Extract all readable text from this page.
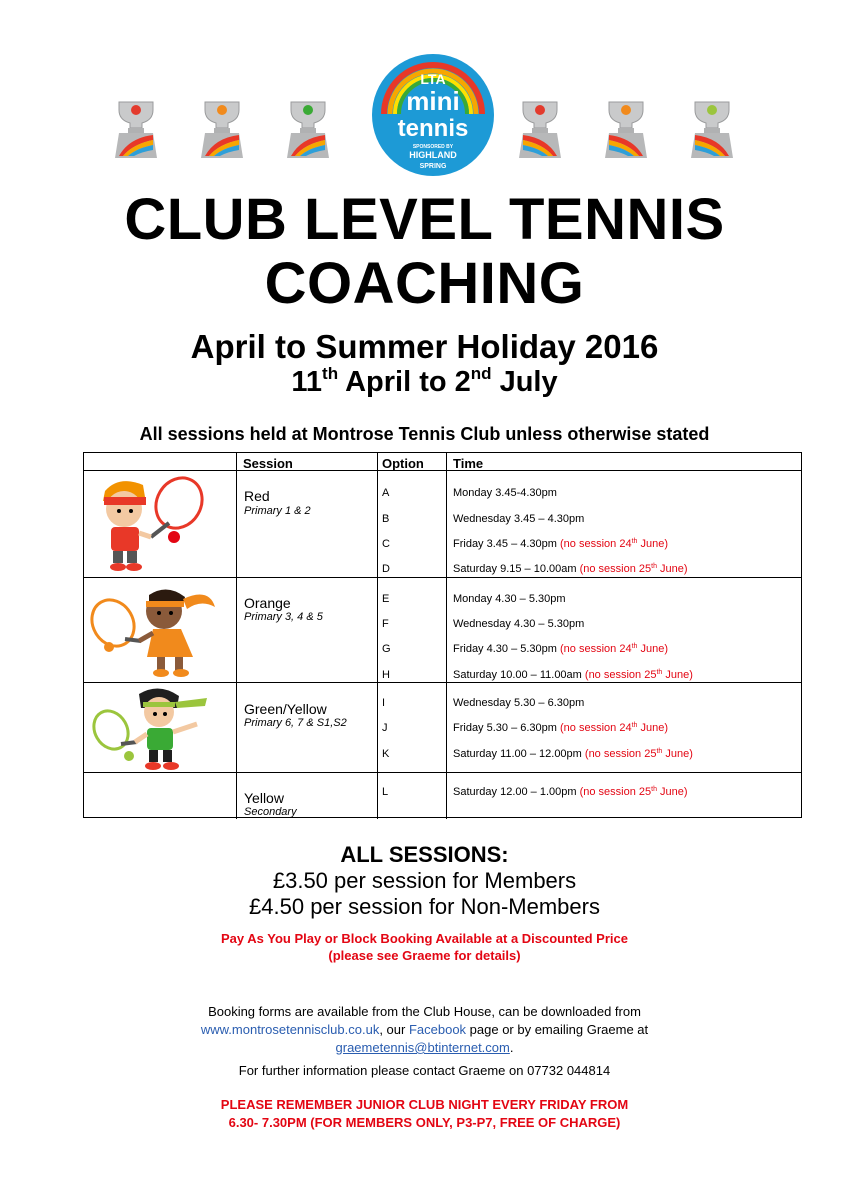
LTA
mini
tennis
SPONSORED BY
HIGHLAND
SPRING
CLUB LEVEL TENNIS
COACHING
April to Summer Holiday 2016
11th April to 2nd July
All sessions held at Montrose Tennis Club unless otherwise stated
Session	Option Time
Red
Primary 1 & 2
A	Monday 3.45-4.30pm
B	Wednesday 3.45 – 4.30pm
C	Friday 3.45 – 4.30pm (no session 24th June)
D	Saturday 9.15 – 10.00am (no session 25th June)
Orange
Primary 3, 4 & 5
E	Monday 4.30 – 5.30pm
F	Wednesday 4.30 – 5.30pm
G	Friday 4.30 – 5.30pm (no session 24th June)
H	Saturday 10.00 – 11.00am (no session 25th June)
Green/Yellow
Primary 6, 7 & S1,S2
I	Wednesday 5.30 – 6.30pm
J	Friday 5.30 – 6.30pm (no session 24th June)
K	Saturday 11.00 – 12.00pm (no session 25th June)
Yellow
Secondary
L	Saturday 12.00 – 1.00pm (no session 25th June)
ALL SESSIONS:
£3.50 per session for Members
£4.50 per session for Non-Members
Pay As You Play or Block Booking Available at a Discounted Price
(please see Graeme for details)
Booking forms are available from the Club House, can be downloaded from
www.montrosetennisclub.co.uk, our Facebook page or by emailing Graeme at
graemetennis@btinternet.com.
For further information please contact Graeme on 07732 044814
PLEASE REMEMBER JUNIOR CLUB NIGHT EVERY FRIDAY FROM
6.30- 7.30PM (FOR MEMBERS ONLY, P3-P7, FREE OF CHARGE)
